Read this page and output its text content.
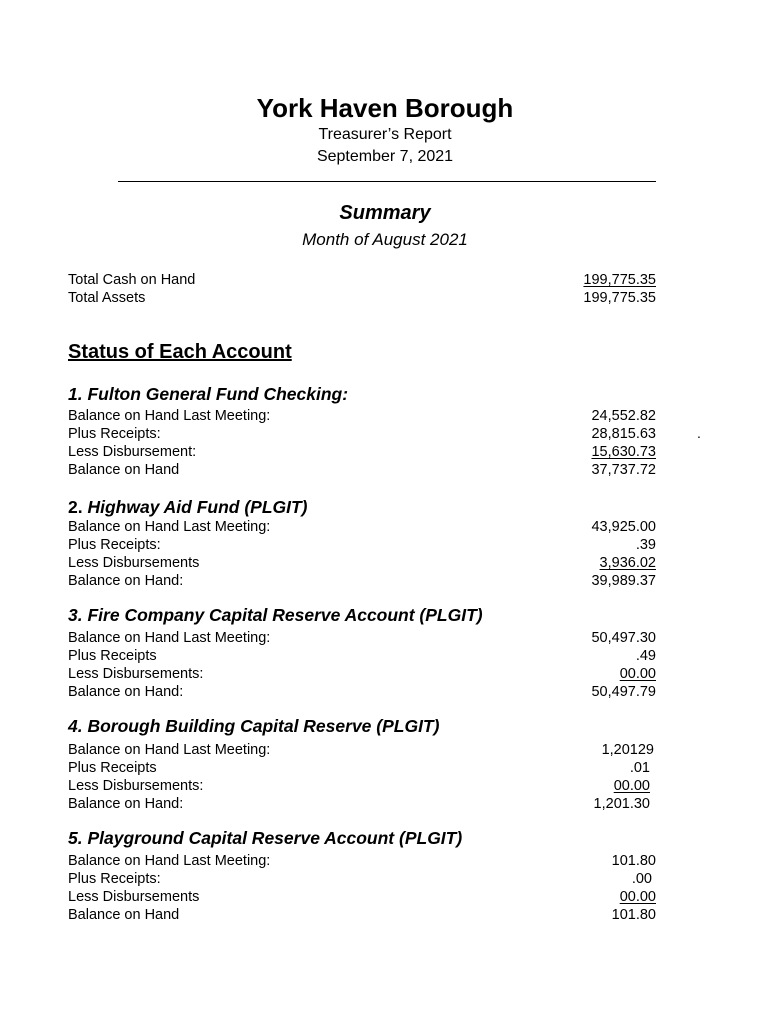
York Haven Borough
Treasurer’s Report
September 7, 2021
Summary
Month of August 2021
Total Cash on Hand	199,775.35
Total Assets	199,775.35
Status of Each Account
1. Fulton General Fund Checking:
Balance on Hand Last Meeting:	24,552.82
Plus Receipts:	28,815.63
Less Disbursement:	15,630.73
Balance on Hand	37,737.72
.
2. Highway Aid Fund (PLGIT)
Balance on Hand Last Meeting:	43,925.00
Plus Receipts:	.39
Less Disbursements	3,936.02
Balance on Hand:	39,989.37
3. Fire Company Capital Reserve Account (PLGIT)
Balance on Hand Last Meeting:	50,497.30
Plus Receipts	.49
Less Disbursements:	00.00
Balance on Hand:	50,497.79
4. Borough Building Capital Reserve (PLGIT)
Balance on Hand Last Meeting:	1,20129
Plus Receipts	.01
Less Disbursements:	00.00
Balance on Hand:	1,201.30
5. Playground Capital Reserve Account (PLGIT)
Balance on Hand Last Meeting:	101.80
Plus Receipts:	.00
Less Disbursements	00.00
Balance on Hand	101.80
